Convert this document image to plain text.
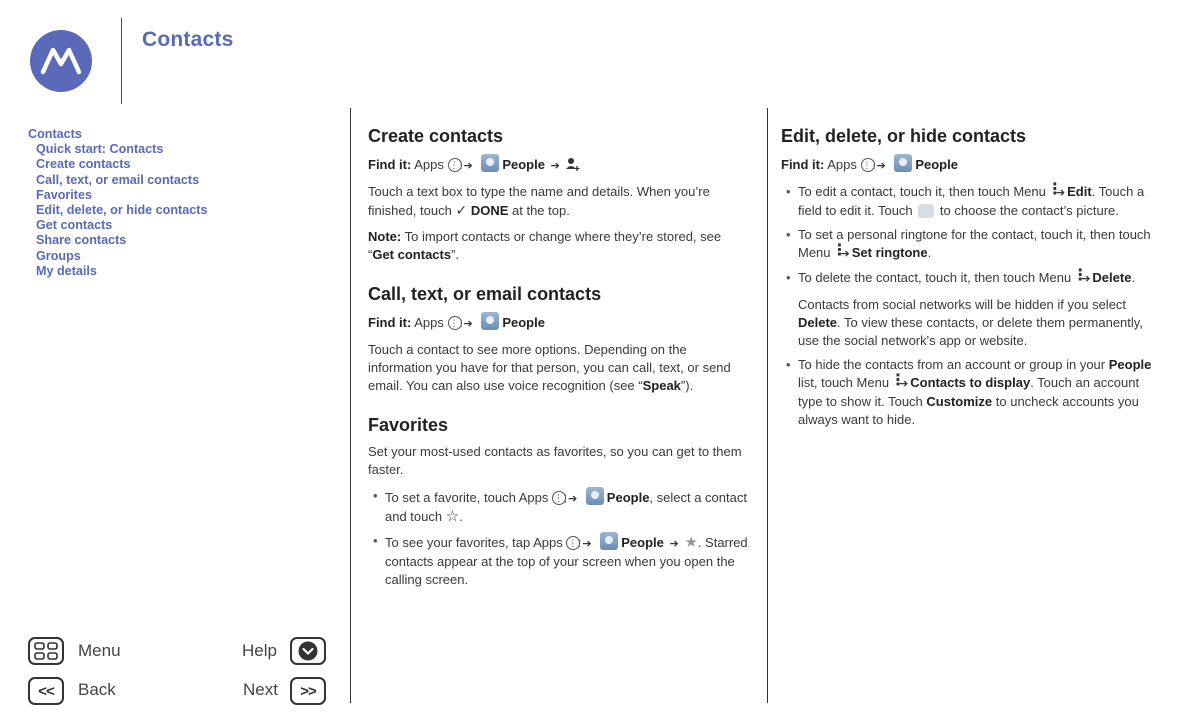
Contacts
Contacts
Quick start: Contacts
Create contacts
Call, text, or email contacts
Favorites
Edit, delete, or hide contacts
Get contacts
Share contacts
Groups
My details
Create contacts

Find it: Apps ⋮⋮ ➔ People ➔

Touch a text box to type the name and details. When you’re finished, touch ✓ DONE at the top.

Note: To import contacts or change where they’re stored, see “Get contacts”.

Call, text, or email contacts

Find it: Apps ⋮⋮ ➔ People

Touch a contact to see more options. Depending on the information you have for that person, you can call, text, or send email. You can also use voice recognition (see “Speak”).

Favorites

Set your most-used contacts as favorites, so you can get to them faster.

• To set a favorite, touch Apps ⋮⋮ ➔ People, select a contact and touch ☆.
• To see your favorites, tap Apps ⋮⋮ ➔ People ➔ ★. Starred contacts appear at the top of your screen when you open the calling screen.
Edit, delete, or hide contacts

Find it: Apps ⋮⋮ ➔ People

• To edit a contact, touch it, then touch Menu ⋮ ➔ Edit. Touch a field to edit it. Touch to choose the contact’s picture.
• To set a personal ringtone for the contact, touch it, then touch Menu ⋮ ➔ Set ringtone.
• To delete the contact, touch it, then touch Menu ⋮ ➔ Delete.

Contacts from social networks will be hidden if you select Delete. To view these contacts, or delete them permanently, use the social network's app or website.

• To hide the contacts from an account or group in your People list, touch Menu ⋮ ➔ Contacts to display. Touch an account type to show it. Touch Customize to uncheck accounts you always want to hide.
Menu	Help
<< Back	Next >>
